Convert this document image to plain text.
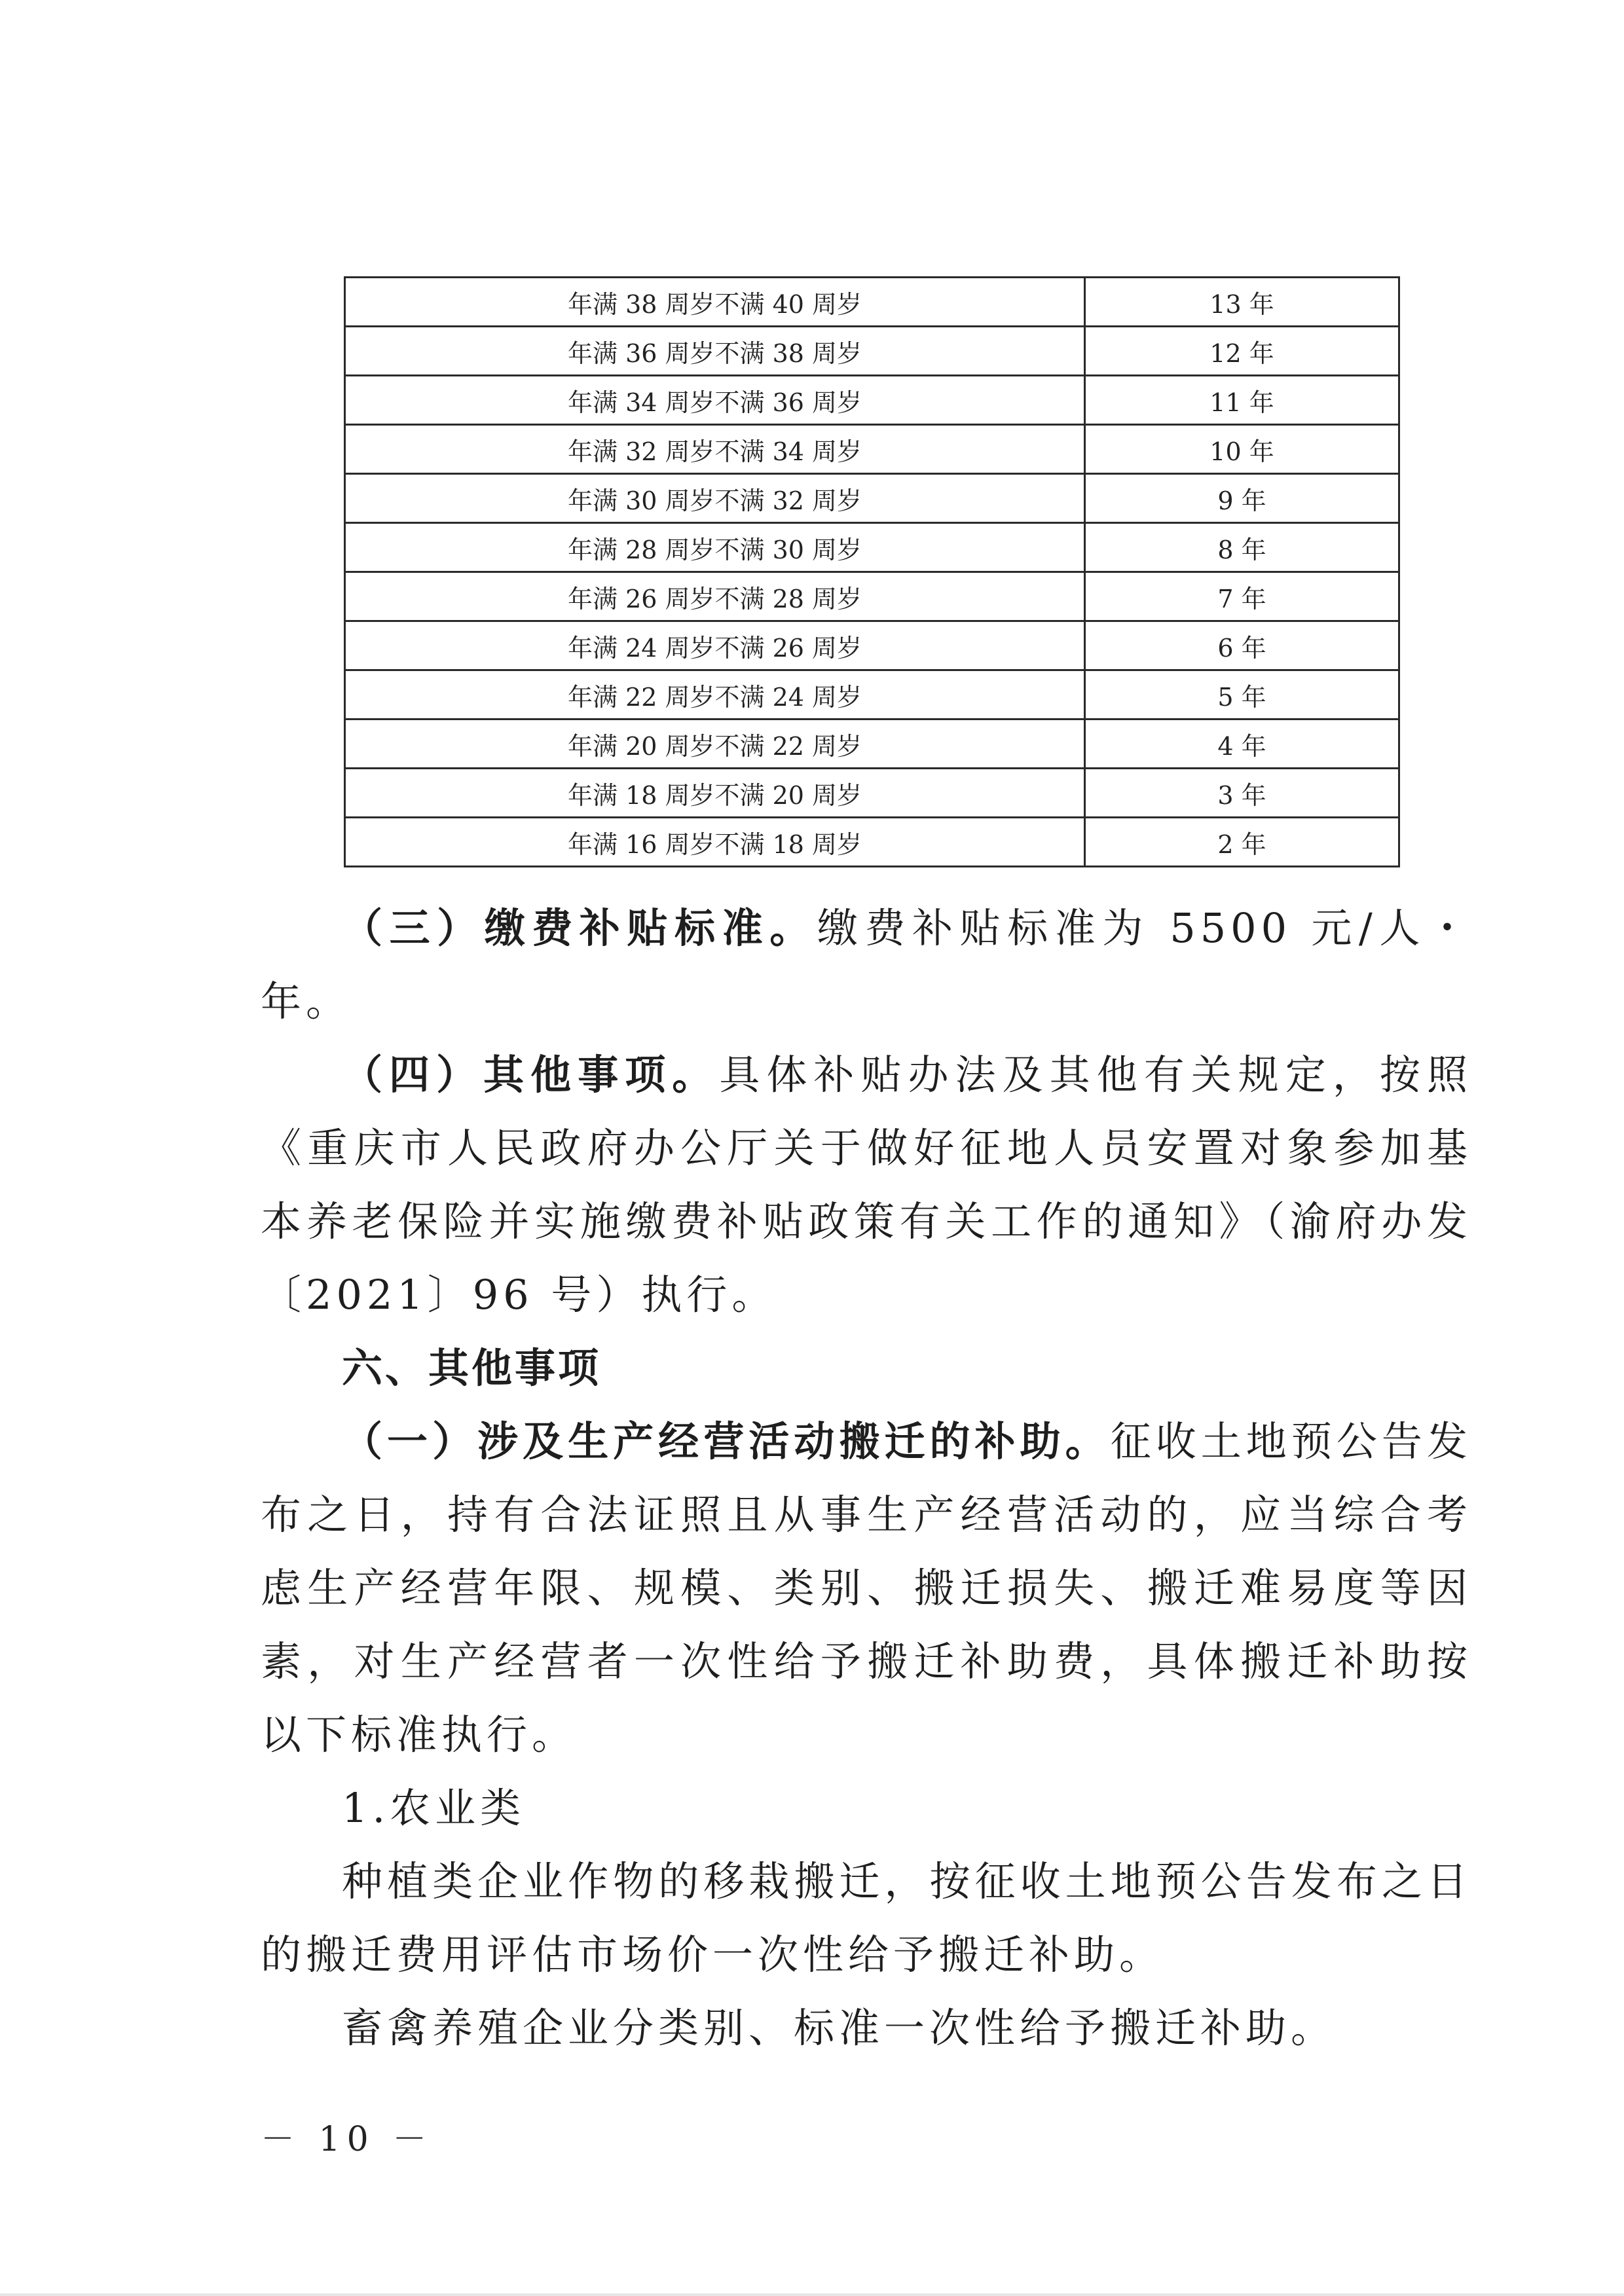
年满 38 周岁不满 40 周岁	13 年
年满 36 周岁不满 38 周岁	12 年
年满 34 周岁不满 36 周岁	11 年
年满 32 周岁不满 34 周岁	10 年
年满 30 周岁不满 32 周岁	9 年
年满 28 周岁不满 30 周岁	8 年
年满 26 周岁不满 28 周岁	7 年
年满 24 周岁不满 26 周岁	6 年
年满 22 周岁不满 24 周岁	5 年
年满 20 周岁不满 22 周岁	4 年
年满 18 周岁不满 20 周岁	3 年
年满 16 周岁不满 18 周岁	2 年

（三）缴费补贴标准。缴费补贴标准为 5500 元/人・年。

（四）其他事项。具体补贴办法及其他有关规定，按照《重庆市人民政府办公厅关于做好征地人员安置对象参加基本养老保险并实施缴费补贴政策有关工作的通知》（渝府办发〔2021〕96 号）执行。

六、其他事项

（一）涉及生产经营活动搬迁的补助。征收土地预公告发布之日，持有合法证照且从事生产经营活动的，应当综合考虑生产经营年限、规模、类别、搬迁损失、搬迁难易度等因素，对生产经营者一次性给予搬迁补助费，具体搬迁补助按以下标准执行。

1.农业类

种植类企业作物的移栽搬迁，按征收土地预公告发布之日的搬迁费用评估市场价一次性给予搬迁补助。

畜禽养殖企业分类别、标准一次性给予搬迁补助。

－ 10 －
